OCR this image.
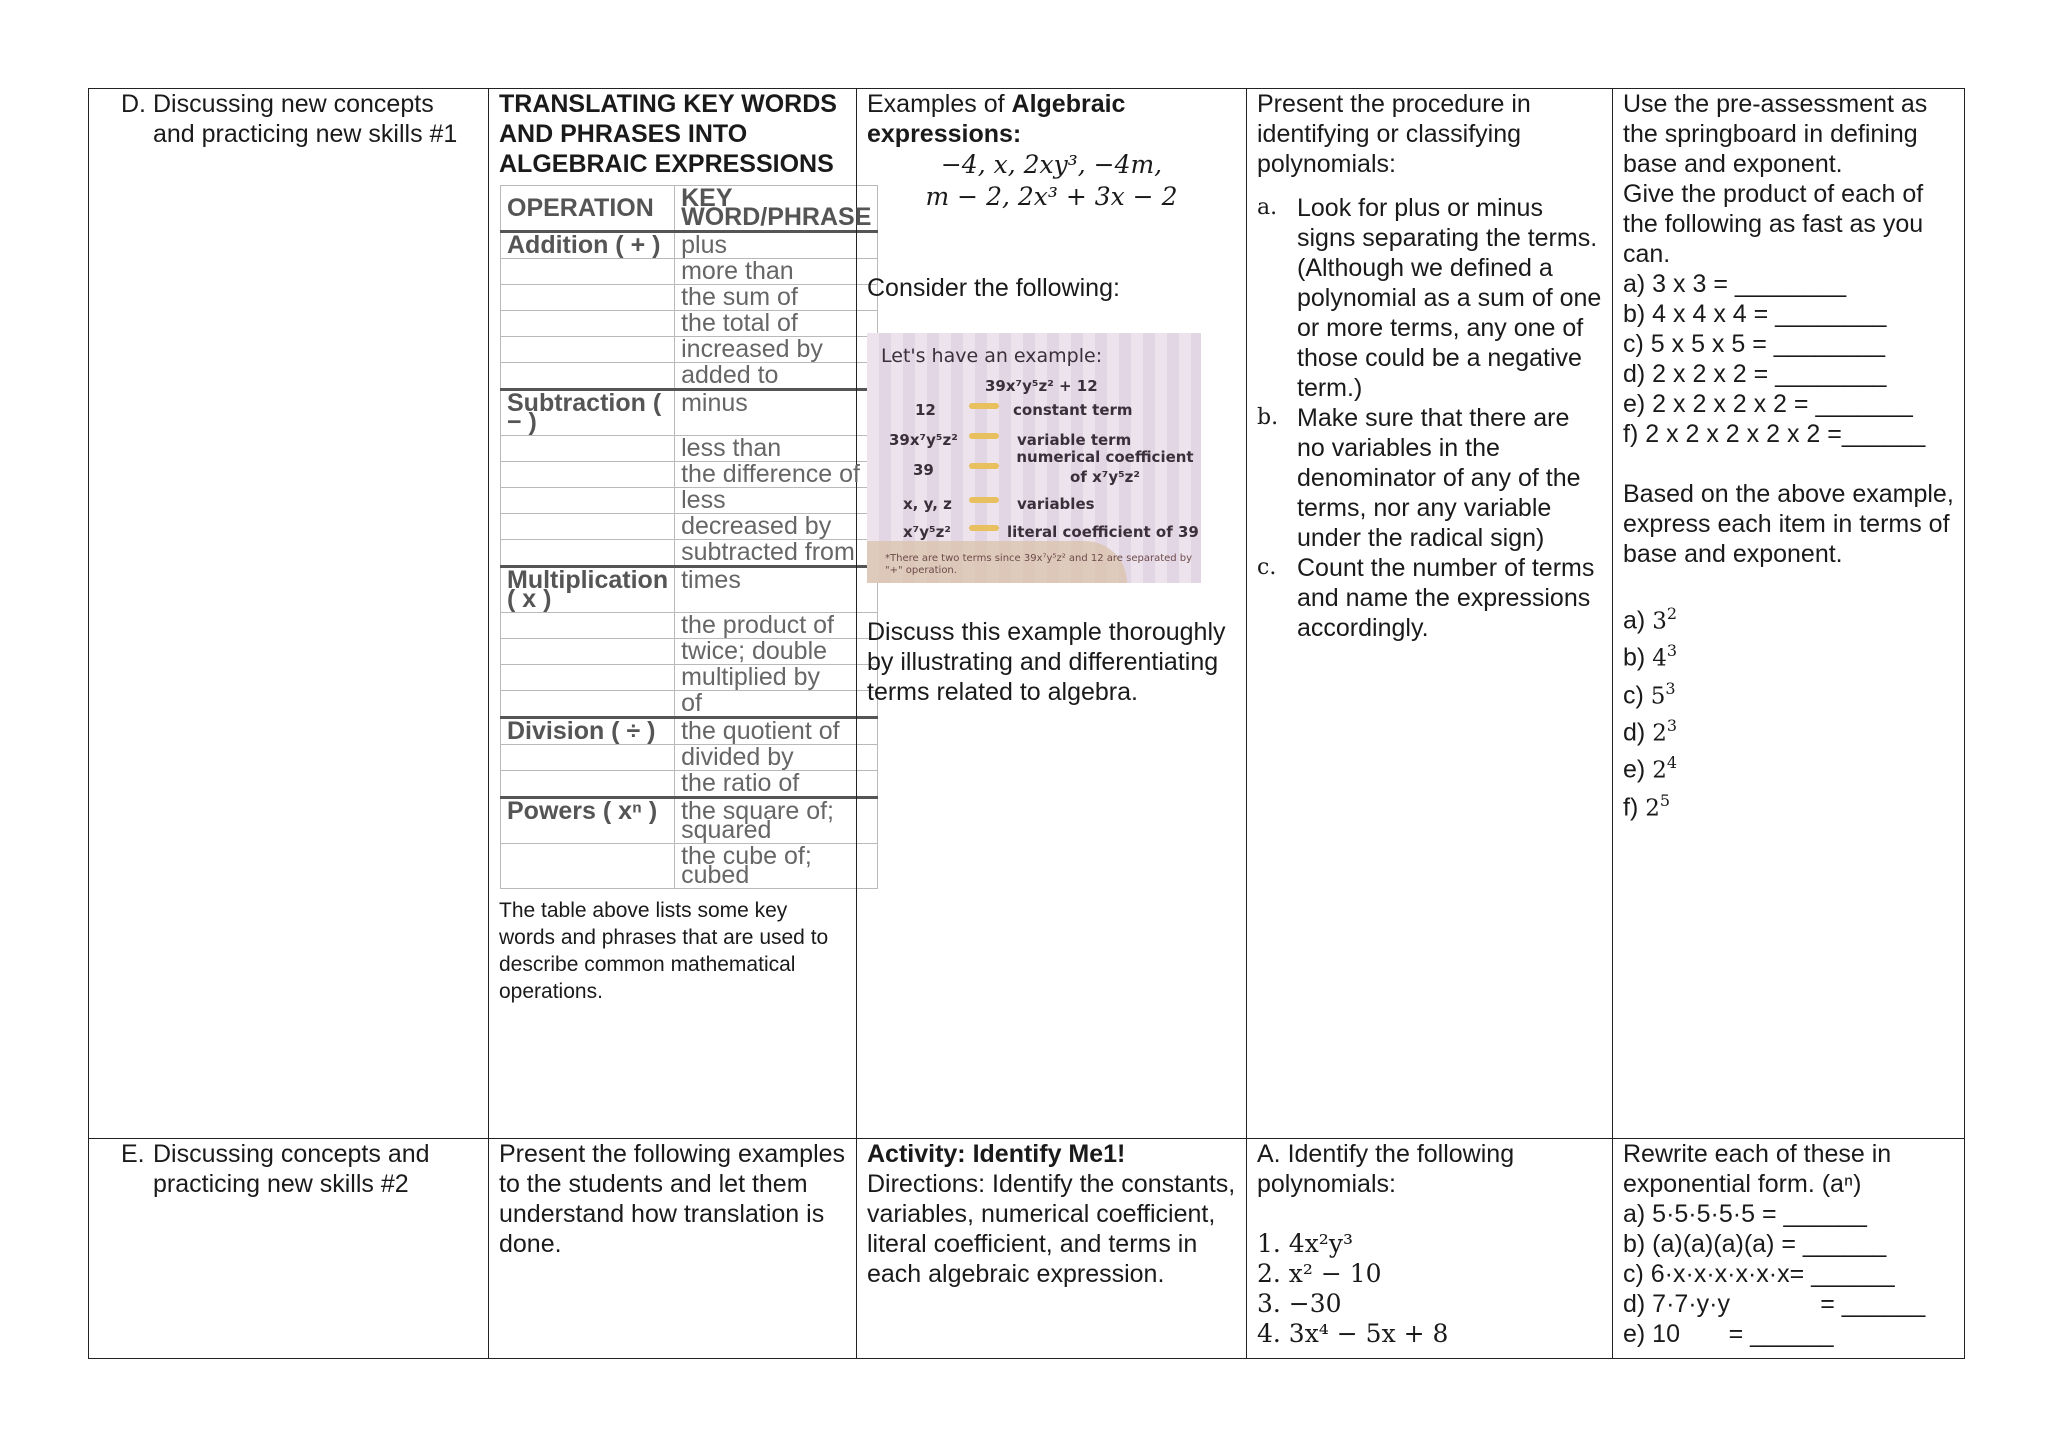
D. Discussing new concepts and practicing new skills #1

TRANSLATING KEY WORDS AND PHRASES INTO ALGEBRAIC EXPRESSIONS
OPERATION	KEY WORD/PHRASE
Addition ( + )	plus
	more than
	the sum of
	the total of
	increased by
	added to
Subtraction ( − )	minus
	less than
	the difference of
	less
	decreased by
	subtracted from
Multiplication ( x )	times
	the product of
	twice; double
	multiplied by
	of
Division ( ÷ )	the quotient of
	divided by
	the ratio of
Powers ( xⁿ )	the square of; squared
	the cube of; cubed
The table above lists some key words and phrases that are used to describe common mathematical operations.

Examples of Algebraic expressions:
−4, x, 2xy³, −4m,
m − 2, 2x³ + 3x − 2
Consider the following:
Let's have an example:
39x⁷y⁵z² + 12
12	constant term
39x⁷y⁵z²	variable term
39
numerical coefficient of x⁷y⁵z²
x, y, z	variables
x⁷y⁵z²	literal coefficient of 39
*There are two terms since 39x⁷y⁵z² and 12 are separated by "+" operation.
Discuss this example thoroughly by illustrating and differentiating terms related to algebra.

Present the procedure in identifying or classifying polynomials:
a. Look for plus or minus signs separating the terms. (Although we defined a polynomial as a sum of one or more terms, any one of those could be a negative term.)
b. Make sure that there are no variables in the denominator of any of the terms, nor any variable under the radical sign)
c. Count the number of terms and name the expressions accordingly.

Use the pre-assessment as the springboard in defining base and exponent.
Give the product of each of the following as fast as you can.
a) 3 x 3 = ________
b) 4 x 4 x 4 = ________
c) 5 x 5 x 5 = ________
d) 2 x 2 x 2 = ________
e) 2 x 2 x 2 x 2 = _______
f) 2 x 2 x 2 x 2 x 2 =______
Based on the above example, express each item in terms of base and exponent.
a) $3^2$
b) $4^3$
c) $5^3$
d) $2^3$
e) $2^4$
f) $2^5$

E. Discussing concepts and practicing new skills #2

Present the following examples to the students and let them understand how translation is done.

Activity: Identify Me1!
Directions: Identify the constants, variables, numerical coefficient, literal coefficient, and terms in each algebraic expression.

A. Identify the following polynomials:
1. 4x²y³
2. x² − 10
3. −30
4. 3x⁴ − 5x + 8

Rewrite each of these in exponential form. (aⁿ)
a) 5·5·5·5·5 = ______
b) (a)(a)(a)(a) = ______
c) 6·x·x·x·x·x·x= ______
d) 7·7·y·y             = ______
e) 10       = ______
